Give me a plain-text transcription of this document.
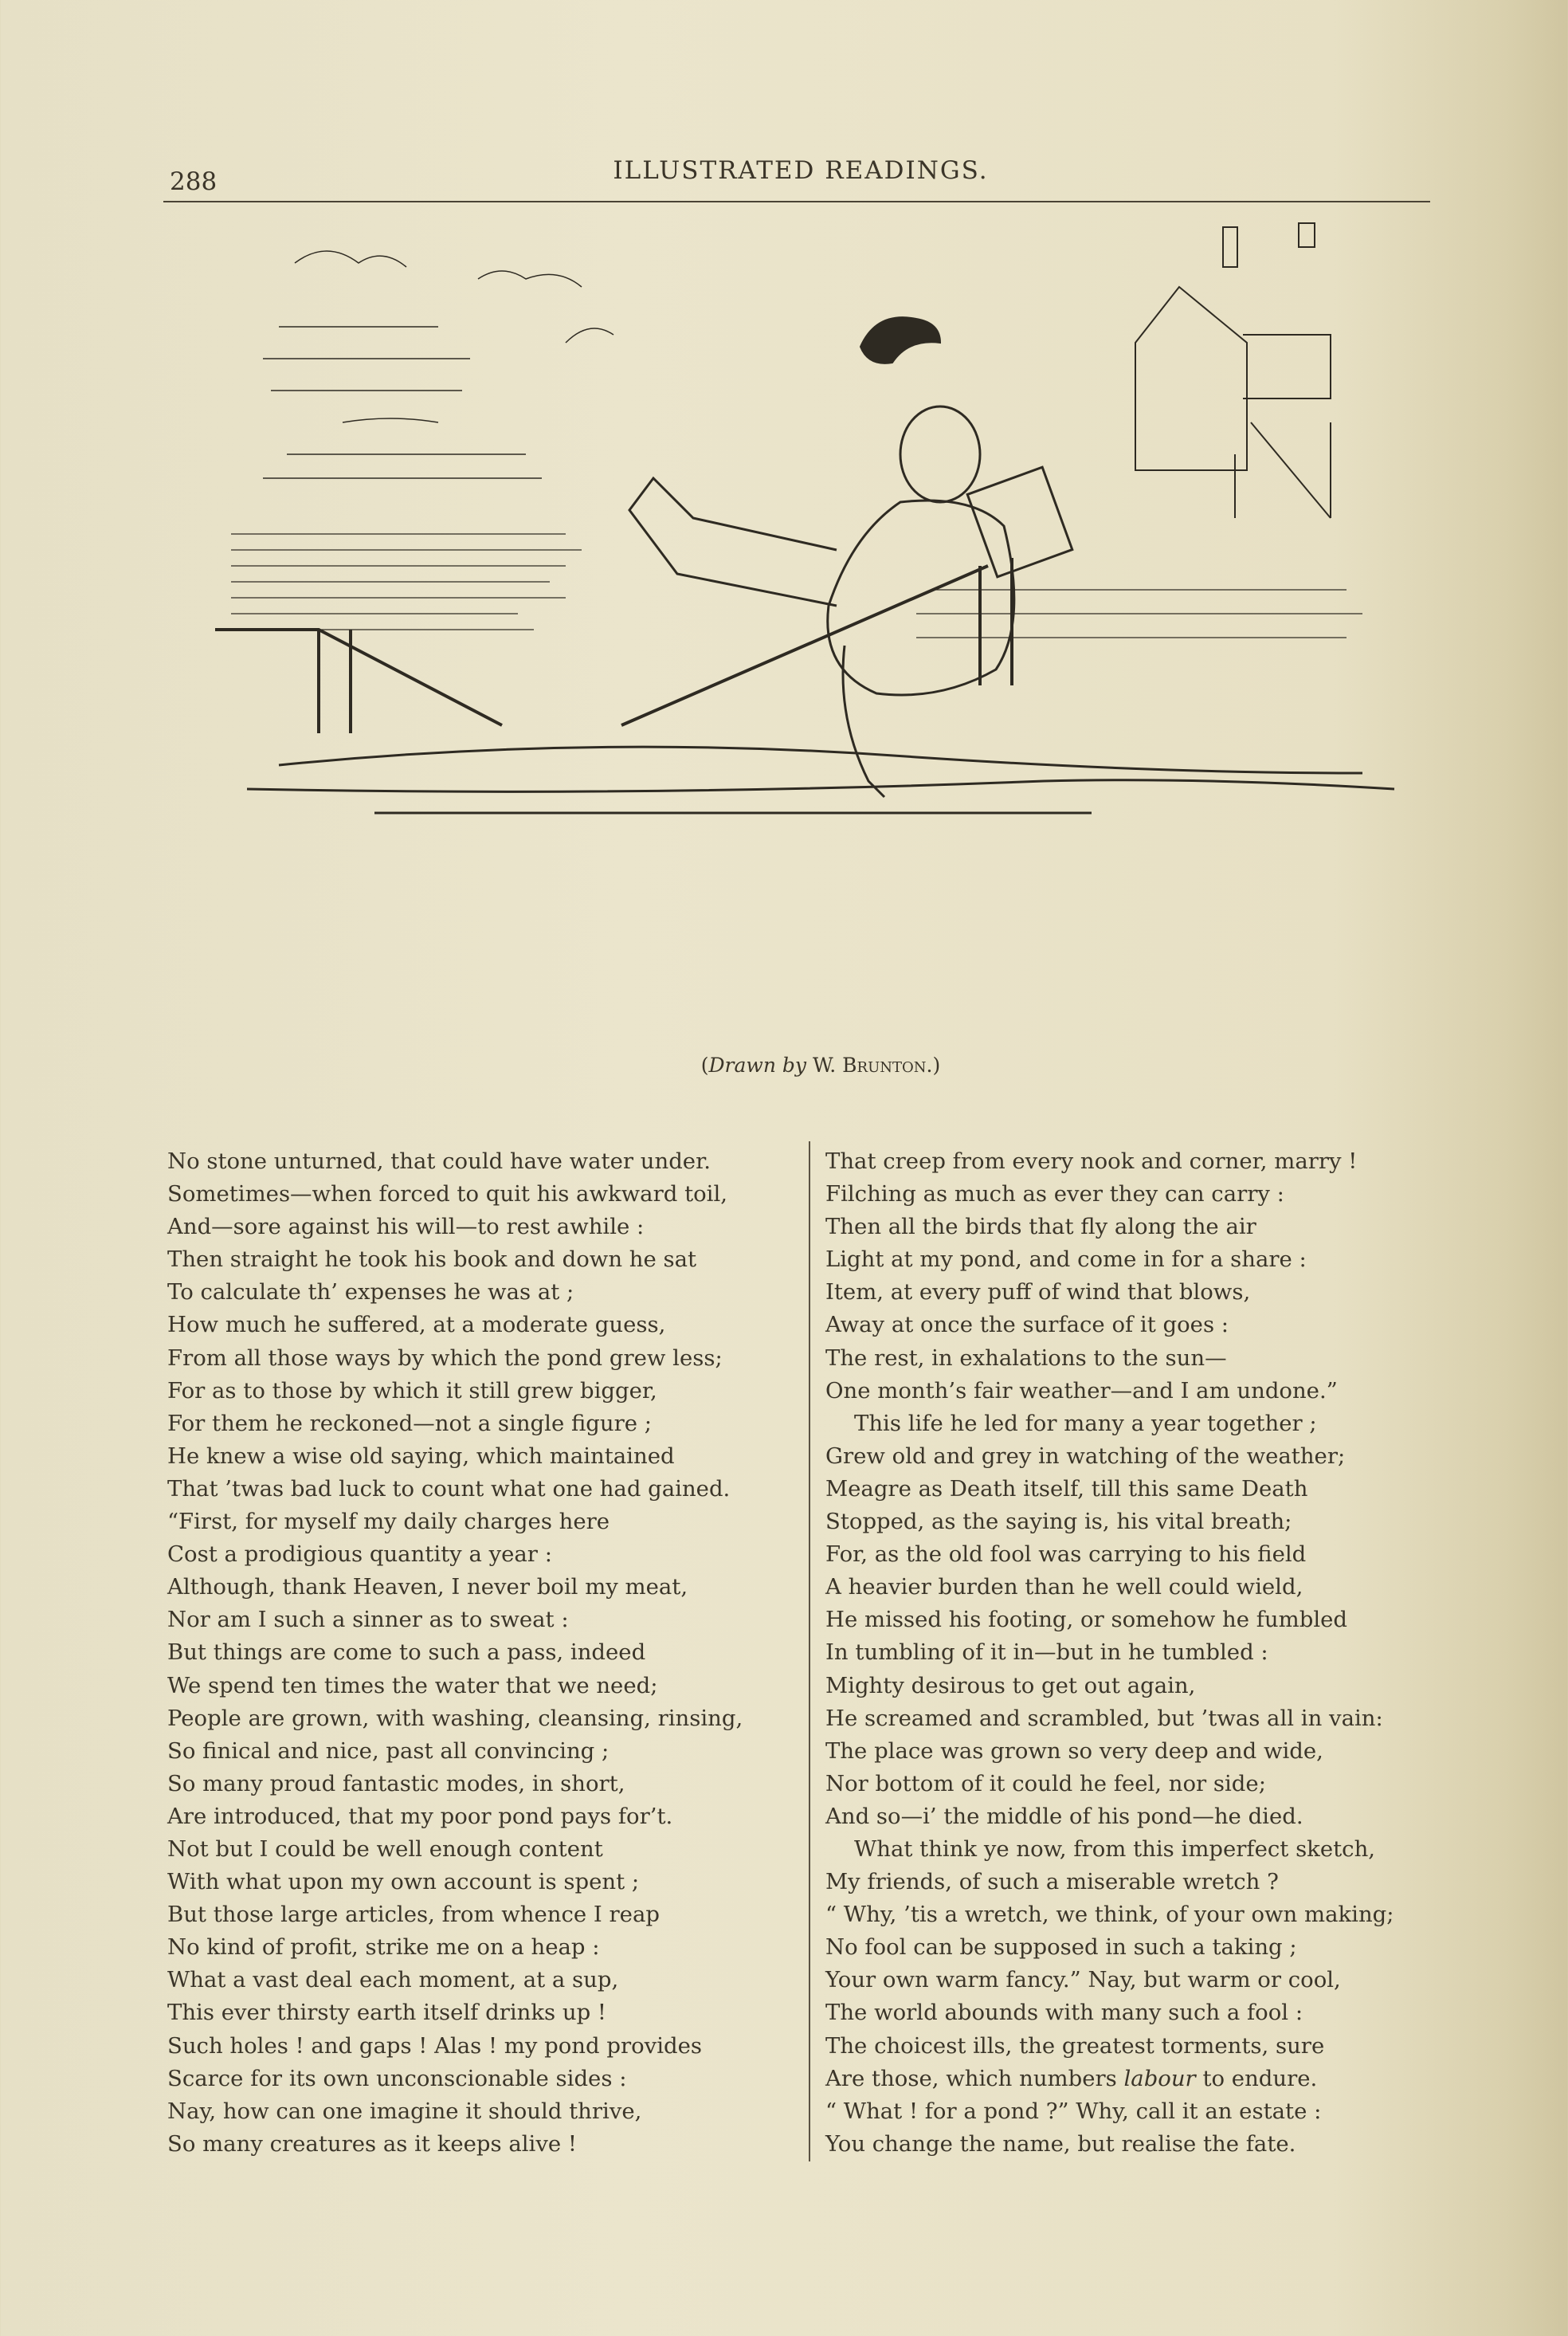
288	ILLUSTRATED READINGS.
(Drawn by W. Brunton.)
No stone unturned, that could have water under.
Sometimes—when forced to quit his awkward toil,
And—sore against his will—to rest awhile :
Then straight he took his book and down he sat
To calculate th’ expenses he was at ;
How much he suffered, at a moderate guess,
From all those ways by which the pond grew less;
For as to those by which it still grew bigger,
For them he reckoned—not a single figure ;
He knew a wise old saying, which maintained
That ’twas bad luck to count what one had gained.
“First, for myself my daily charges here
Cost a prodigious quantity a year :
Although, thank Heaven, I never boil my meat,
Nor am I such a sinner as to sweat :
But things are come to such a pass, indeed
We spend ten times the water that we need;
People are grown, with washing, cleansing, rinsing,
So finical and nice, past all convincing ;
So many proud fantastic modes, in short,
Are introduced, that my poor pond pays for’t.
Not but I could be well enough content
With what upon my own account is spent ;
But those large articles, from whence I reap
No kind of profit, strike me on a heap :
What a vast deal each moment, at a sup,
This ever thirsty earth itself drinks up !
Such holes ! and gaps ! Alas ! my pond provides
Scarce for its own unconscionable sides :
Nay, how can one imagine it should thrive,
So many creatures as it keeps alive !
That creep from every nook and corner, marry !
Filching as much as ever they can carry :
Then all the birds that fly along the air
Light at my pond, and come in for a share :
Item, at every puff of wind that blows,
Away at once the surface of it goes :
The rest, in exhalations to the sun—
One month’s fair weather—and I am undone.”
This life he led for many a year together ;
Grew old and grey in watching of the weather;
Meagre as Death itself, till this same Death
Stopped, as the saying is, his vital breath;
For, as the old fool was carrying to his field
A heavier burden than he well could wield,
He missed his footing, or somehow he fumbled
In tumbling of it in—but in he tumbled :
Mighty desirous to get out again,
He screamed and scrambled, but ’twas all in vain:
The place was grown so very deep and wide,
Nor bottom of it could he feel, nor side;
And so—i’ the middle of his pond—he died.
What think ye now, from this imperfect sketch,
My friends, of such a miserable wretch ?
“ Why, ’tis a wretch, we think, of your own making;
No fool can be supposed in such a taking ;
Your own warm fancy.” Nay, but warm or cool,
The world abounds with many such a fool :
The choicest ills, the greatest torments, sure
Are those, which numbers labour to endure.
“ What ! for a pond ?” Why, call it an estate :
You change the name, but realise the fate.
